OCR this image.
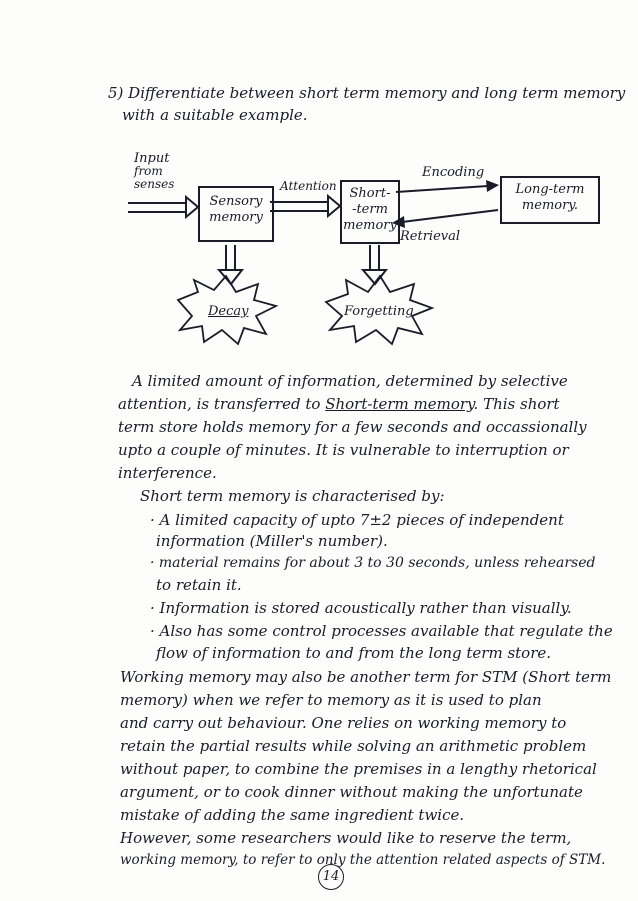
5) Differentiate between short term memory and long term memory
with a suitable example.
Input
from
senses
Sensory
memory
Attention Short-
-term
memory
Encoding
Long-term
memory.
Retrieval
Decay	Forgetting
A limited amount of information, determined by selective
attention, is transferred to Short-term memory. This short
term store holds memory for a few seconds and occassionally
upto a couple of minutes. It is vulnerable to interruption or
interference.
Short term memory is characterised by:
· A limited capacity of upto 7±2 pieces of independent
information (Miller's number).
· material remains for about 3 to 30 seconds, unless rehearsed
to retain it.
· Information is stored acoustically rather than visually.
· Also has some control processes available that regulate the
flow of information to and from the long term store.
Working memory may also be another term for STM (Short term
memory) when we refer to memory as it is used to plan
and carry out behaviour. One relies on working memory to
retain the partial results while solving an arithmetic problem
without paper, to combine the premises in a lengthy rhetorical
argument, or to cook dinner without making the unfortunate
mistake of adding the same ingredient twice.
However, some researchers would like to reserve the term,
working memory, to refer to only the attention related aspects of STM.
14
